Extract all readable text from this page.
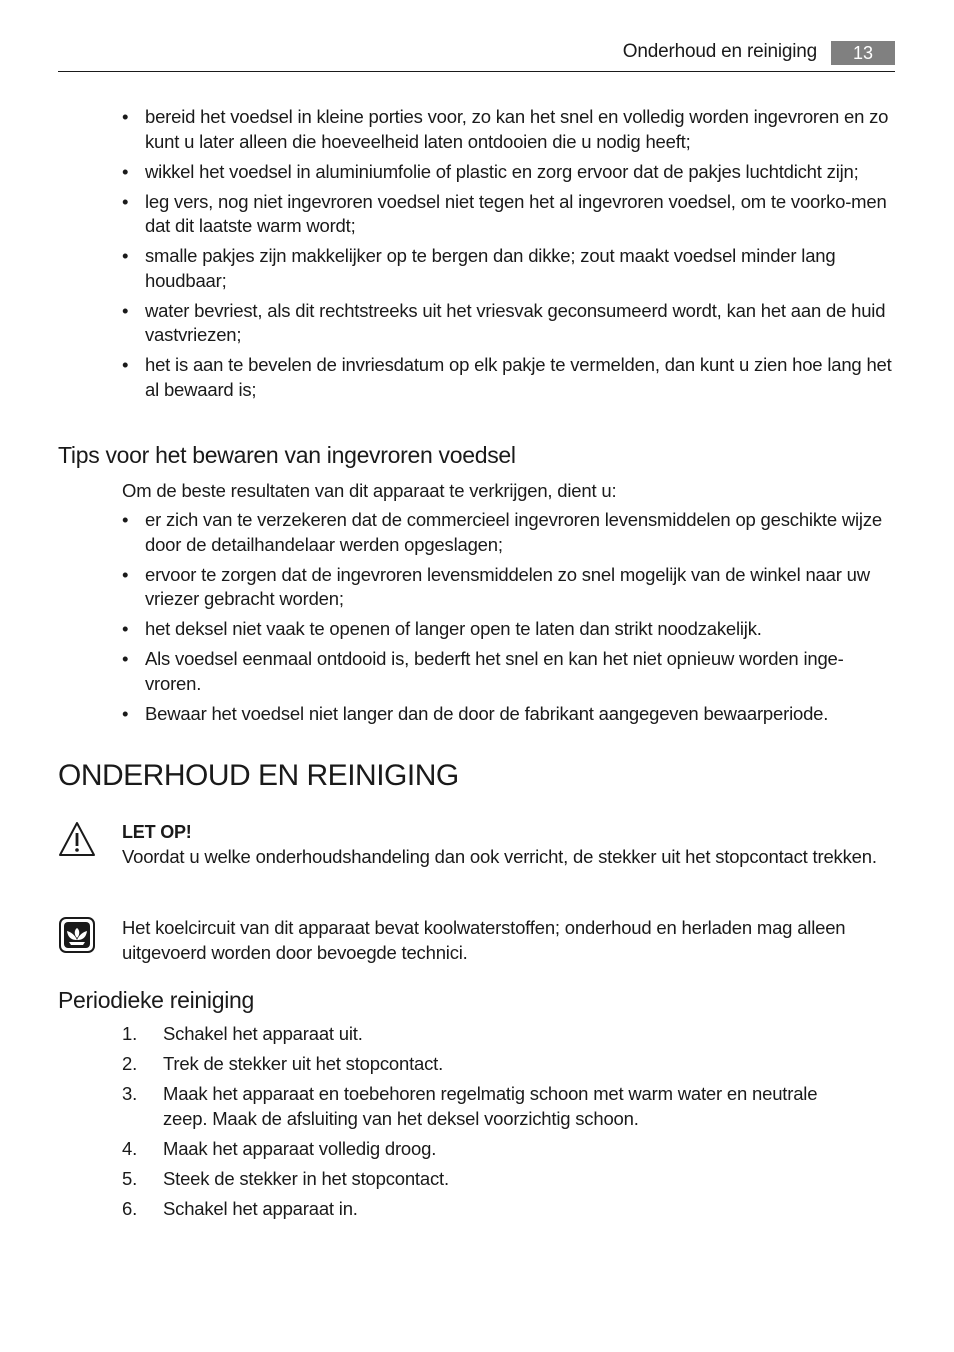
Onderhoud en reiniging	13
• bereid het voedsel in kleine porties voor, zo kan het snel en volledig worden ingevroren en zo kunt u later alleen die hoeveelheid laten ontdooien die u nodig heeft;
• wikkel het voedsel in aluminiumfolie of plastic en zorg ervoor dat de pakjes luchtdicht zijn;
• leg vers, nog niet ingevroren voedsel niet tegen het al ingevroren voedsel, om te voorko-men dat dit laatste warm wordt;
• smalle pakjes zijn makkelijker op te bergen dan dikke; zout maakt voedsel minder lang houdbaar;
• water bevriest, als dit rechtstreeks uit het vriesvak geconsumeerd wordt, kan het aan de huid vastvriezen;
• het is aan te bevelen de invriesdatum op elk pakje te vermelden, dan kunt u zien hoe lang het al bewaard is;
Tips voor het bewaren van ingevroren voedsel
Om de beste resultaten van dit apparaat te verkrijgen, dient u:
• er zich van te verzekeren dat de commercieel ingevroren levensmiddelen op geschikte wijze door de detailhandelaar werden opgeslagen;
• ervoor te zorgen dat de ingevroren levensmiddelen zo snel mogelijk van de winkel naar uw vriezer gebracht worden;
• het deksel niet vaak te openen of langer open te laten dan strikt noodzakelijk.
• Als voedsel eenmaal ontdooid is, bederft het snel en kan het niet opnieuw worden inge-vroren.
• Bewaar het voedsel niet langer dan de door de fabrikant aangegeven bewaarperiode.
ONDERHOUD EN REINIGING
LET OP!
Voordat u welke onderhoudshandeling dan ook verricht, de stekker uit het stopcontact trekken.
Het koelcircuit van dit apparaat bevat koolwaterstoffen; onderhoud en herladen mag alleen uitgevoerd worden door bevoegde technici.
Periodieke reiniging
1. Schakel het apparaat uit.
2. Trek de stekker uit het stopcontact.
3. Maak het apparaat en toebehoren regelmatig schoon met warm water en neutrale zeep. Maak de afsluiting van het deksel voorzichtig schoon.
4. Maak het apparaat volledig droog.
5. Steek de stekker in het stopcontact.
6. Schakel het apparaat in.
